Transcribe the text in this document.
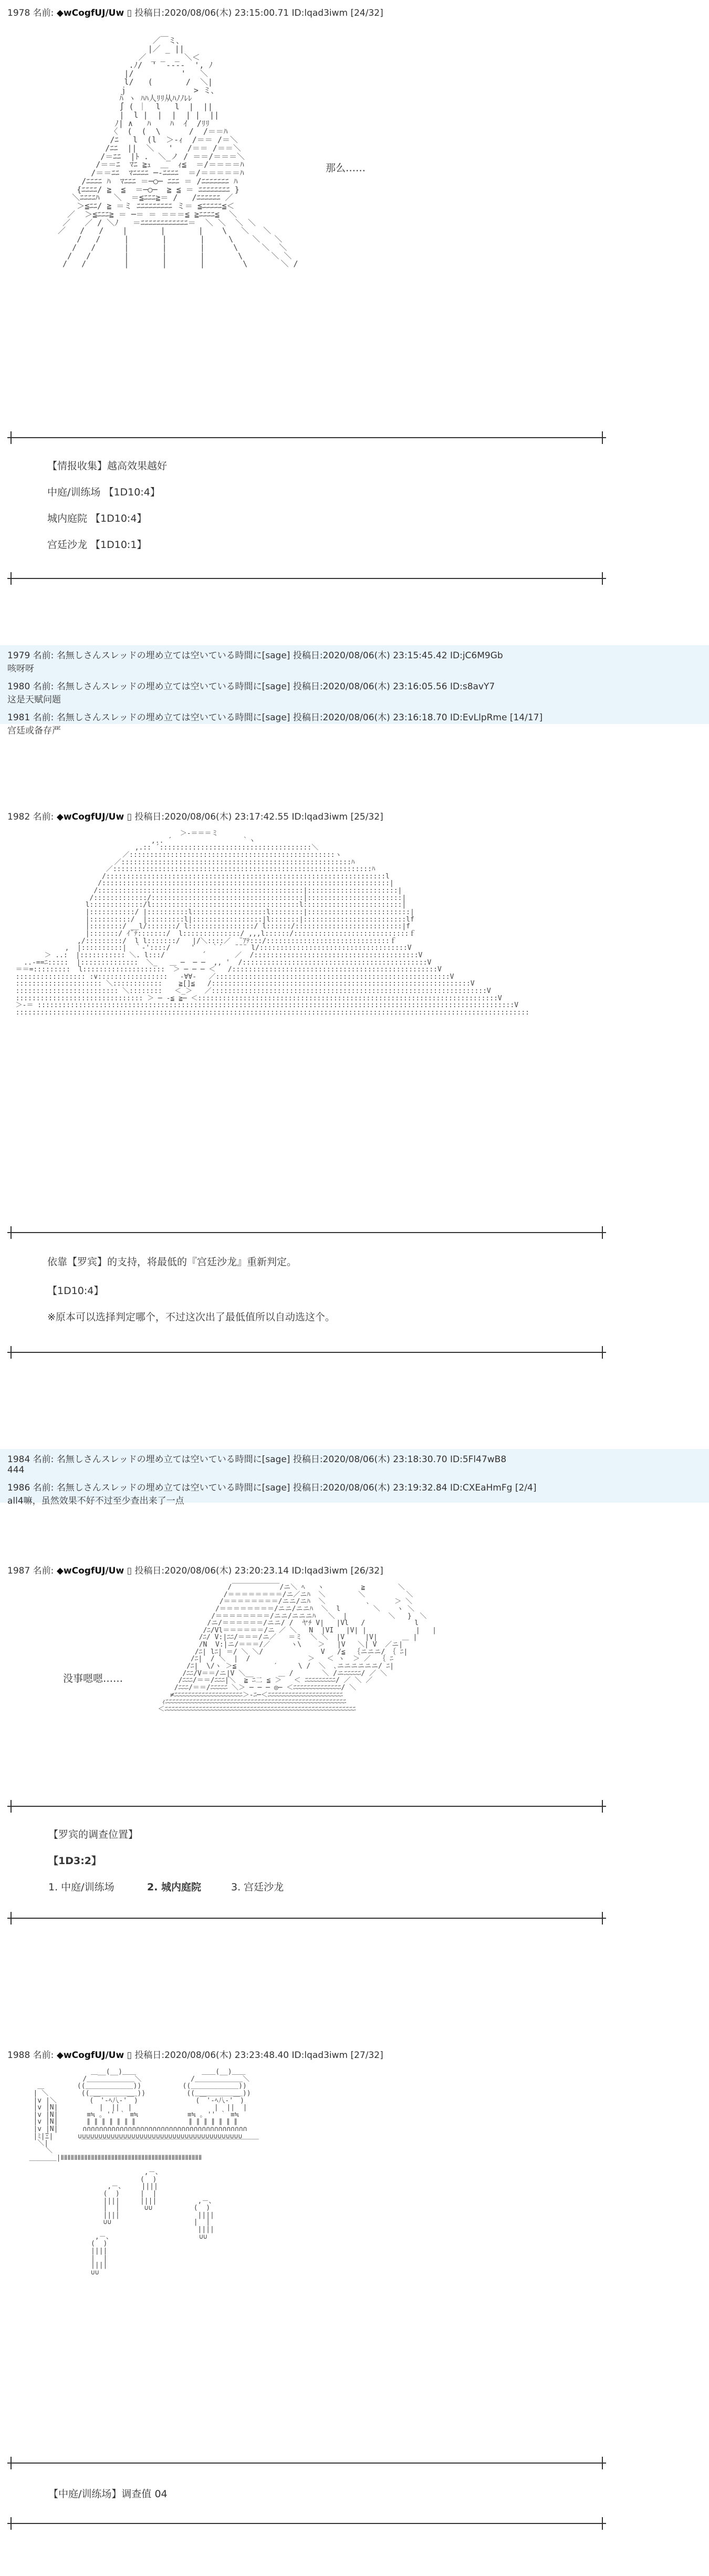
1978 名前: ◆wCogfUJ/Uw ▯ 投稿日:2020/08/06(木) 23:15:00.71 ID:lqad3iwm [24/32]
／￣ミ、
|／ _ ||
／ _ _  _ ＼＜
.ﾉ/  '  ‐-‐-  ', ﾉ
|/          '   ＼
l/   (       /  ＼|
ｊ              > ミ、
ﾊ ヽ ﾊﾊ人ﾘﾘ从ﾊﾉﾉﾚﾚ
∫ ( ｜  l   l  |  ||
|  l |  |  |  | |  ||
ﾉ| ∧   ﾊ    ﾊ  ｲ  /ﾘﾘ
〈  (  (  \      /  /＝＝ﾊ
/ﾆ   l  (l  ＞-ｨ  /＝＝ /＝＼
/ﾆﾆ  ||  ＼   '   /＝＝ /＝＝＼
/＝ﾆﾆ  |ﾄ .  ＼_ノ / ＝＝/＝＝＝＼
/＝＝ﾆ  ﾏﾆ ≧ｭ  ＿  ｨ≦  ＝/＝＝＝＝ﾊ
/＝＝ﾆﾆ  ﾏﾆﾆﾆﾆ ─‐ﾆﾆﾆﾆ  ＝/＝＝＝＝＝ﾊ
/ﾆﾆﾆﾆ ﾊ  ﾏﾆﾆﾆ ＝─○─ ﾆﾆﾆ ＝ /ﾆﾆﾆﾆﾆﾆﾆ ﾊ
{ﾆﾆﾆﾆ/ ≧  ≦  ＝─○─  ≧ ≦ ＝ ﾆﾆﾆﾆﾆﾆﾆﾆ }
＼ﾆﾆﾆﾆﾊ   ＼  ＝≦ﾆﾆﾆ≧＝ /   /ﾆﾆﾆﾆﾆﾆ ／
＞≦ﾆﾆ/ ≧ ＝ミ ﾆﾆﾆﾆﾆﾆﾆﾆﾆ ミ＝ ≦ﾆﾆﾆﾆﾆ≦＜
／  ＞≦ﾆﾆﾆ≧ ＝ ─＝ ＝ ＝＝＝≦ ≧ﾆﾆﾆﾆ≦  ＼
／   ／ / ＼ﾉ   ＝ﾆﾆﾆﾆﾆﾆﾆﾆﾆﾆﾆﾆ＝  ＼ ＼  ＼ ＼
／   /   /    |       |       |    \   ＼   ＼
/   /     |       |       |     \    ＼   ＼
/   /      |       |       |      \     ＼  ＼
/   /       |       |       |       \      ＼ ＼
/   /        |       |       |        \       ＼ /

那么……
【情报收集】越高效果越好
中庭/训练场 【1D10:4】
城内庭院 【1D10:4】
宫廷沙龙 【1D10:1】
1979 名前: 名無しさんスレッドの埋め立ては空いている時間に[sage] 投稿日:2020/08/06(木) 23:15:45.42 ID:jC6M9Gb
咳呀呀
1980 名前: 名無しさんスレッドの埋め立ては空いている時間に[sage] 投稿日:2020/08/06(木) 23:16:05.56 ID:s8avY7
这是天赋问题
1981 名前: 名無しさんスレッドの埋め立ては空いている時間に[sage] 投稿日:2020/08/06(木) 23:16:18.70 ID:EvLlpRme [14/17]
宫廷或备存严
1982 名前: ◆wCogfUJ/Uw ▯ 投稿日:2020/08/06(木) 23:17:42.55 ID:lqad3iwm [25/32]
＞-＝＝＝ミ
,.. ´                 ｀ヽ
,.:: ´:::::::::::::::::::::::::::::::::::::＼
／::::::::::::::::::::::::::::::::::::::::::::::::::ヽ
／::::::::::::::::::::::::::::::::::::::::::::::::::::::::ﾊ
／:::::::::::::::::::::::::::::::::::::::::::::::::::::::::::::::ﾊ
/::::::::::::::::::::::::::::::::::::::::::::::::::::::::::::::::::::l
/::::::::::::::::::::::::::::::::::::::::::::::::::::::::::::::::::::::|
/::::::::::::::::::::::::::::::::::::::::::::::::::|::::::::::::::::::::::|
/:::::::::::::/:::::::::::::::::::::::::::::::::::::|:::::::::::::::::::::::|
l:::::::::::::/l::::::::::::::::::::::::::::::::::::l::::::::::::::::::::::::|
|:::::::::::/ |::::::::::l::::::::::::::::::l::::::::|:::::::::::::::::::::::::|
|::::::::::/  |:::::::::l|:::::::::::::::::|l:::::::|:::::::::::::::::::::::::lf
|::::::::/ __l/:::::::/ l::::::::::::::::/ l::::::/::::::::::::::::::::::::::|f
|:::::::/ ｲ¨ﾃ:::::::/  l::::::::::::::/ ,,,l::::::/::::::::::::::::::::::::::::ｆ
,/:::::::::/  l l:::::::/   |/＼::::／  ¨ｱﾃ:::/::::::::::::::::::::::::::::::ｆ
,  |::::::::::|  ｀-'::::/     '    ｀´   ¨¨¨ l/::::::::::::::::::::::::::::::::::::V
＞ ..:  |::::::::::: ＼. l:::/         ´       ／  /::::::::::::::::::::::::::::::::::::::::V
..-==ﾆ:::::  |::::::::::::::  ＼_   ＿ ─  ─ ─  ,, '  /:::::::::::::::::::::::::::::::::::::::::::::V
＝＝=:::::::::  l::::::::::::::::::::  ＞ ─ ─ ─ ＜   /::::::::::::::::::::::::::::::::::::::::::::::::::V
::::::::::::::::: :∨:::::::::::::::::   ‐∀∀‐   ／:::::::::::::::::::::::::::::::::::::::::::::::::::::::::V
::::::::::::::::::::: ＼::::::::::::    ≧[]≦   /:::::::::::::::::::::::::::::::::::::::::::::::::::::::::::::::V
::::::::::::::::::::::::: ＼::::::::   ＜_＞   ／:::::::::::::::::::::::::::::::::::::::::::::::::::::::::::::::::::V
::::::::::::::::::::::::::::::: ＞ ─ ‐≦ ≧─ ＜:::::::::::::::::::::::::::::::::::::::::::::::::::::::::::::::::::::::::V
＞-＝ ::::::::::::::::::::::::::::::::::::::::::::::::::::::::::::::::::::::::::::::::::::::::::::::::::::::::::::::::::::V
:::::::::::::::::::::::::::::::::::::::::::::::::::::::::::::::::::::::::::::::::::::::::::::::::::::::::::::::::::::::::::::

依靠【罗宾】的支持，将最低的『宫廷沙龙』重新判定。
【1D10:4】
※原本可以选择判定哪个，不过这次出了最低值所以自动选这个。
1984 名前: 名無しさんスレッドの埋め立ては空いている時間に[sage] 投稿日:2020/08/06(木) 23:18:30.70 ID:5Fl47wB8
444
1986 名前: 名無しさんスレッドの埋め立ては空いている時間に[sage] 投稿日:2020/08/06(木) 23:19:32.84 ID:CXEaHmFg [2/4]
all4嘛，虽然效果不好不过至少查出来了一点
1987 名前: ◆wCogfUJ/Uw ▯ 投稿日:2020/08/06(木) 23:20:23.14 ID:lqad3iwm [26/32]
/￣￣￣￣￣￣￣/ニ＼ ﾍ   ヽ         ≧        ＼
/＝＝＝＝＝＝＝＝/ニ／ニﾊ  ＼        ＼          ＼
/＝＝＝＝＝＝＝＝/ニニ/ニﾊ  ＼          ､      ＞ ＼
/＝＝＝＝＝＝＝＝/ニニ/ニニﾊ  ＼  l        ＼    ヽ ＼
/＝＝＝＝＝＝＝＝/ニニ/ニニニﾊ   ＼  |          ＼   }  ＼
/ニ/＝＝＝＝＝＝/ニニ/ /  ヤﾁ V|   |Vl   /            l
/ﾆ/Vl＝＝＝＝＝＝/ニ ／ ＼   N  |VI   |V| |            |   |
/ﾆ/ V:|ﾆﾆ/＝＝＝/ニ／   ＝ミ  ＼ ＼  |V     |V|      ＿ |
/N  V:|ニ/＝＝＝/／     ヽ\    ＞   |V   ＼| V  ／ニ|
/ﾆ| lﾆ| ＝/ ＼ ＼/              V   /≦  ｛ニニニ/ ｛ ﾆ|
/ﾆ|  / ＼  |  /              ＞   ＜ ヽ  ＞ ／  ｛ ﾆ
/ﾆ|  \/ヽ ＞≦         ′     \ /  ＼  ､ニニニニニニ/ ﾆ|
/ﾆﾆ/V＝＝/ニ|V ＼__      ＿ /       ＼ /ニﾆﾆﾆﾆﾆ/ ／ ＼
/ﾆﾆﾆ/＝＝/ﾆﾆﾆ|＼  ≧ ﾆ二 ≦ ＞   ＜ ﾆﾆﾆﾆﾆﾆﾆﾆﾆ/ ／ ＼ ／
/ﾆﾆﾆ/＝＝/ﾆﾆﾆﾆﾆ ＼＞ ─ ─ ─ ◎─ ＜ﾆﾆﾆﾆﾆﾆﾆﾆﾆﾆﾆﾆﾆﾆ/ ＼
≠ﾆﾆﾆﾆﾆﾆﾆﾆﾆﾆﾆﾆﾆﾆﾆﾆﾆﾆﾆﾆ＞‐ﾆ─＜ﾆﾆﾆﾆﾆﾆﾆﾆﾆﾆﾆﾆﾆﾆﾆﾆﾆﾆﾆﾆﾆﾆ
ｨﾆﾆﾆﾆﾆﾆﾆﾆﾆﾆﾆﾆﾆﾆﾆﾆﾆﾆﾆﾆﾆﾆﾆﾆﾆﾆﾆﾆﾆﾆﾆﾆﾆﾆﾆﾆﾆﾆﾆﾆﾆﾆﾆﾆﾆﾆﾆﾆﾆﾆﾆﾆﾆ
＜ﾆﾆﾆﾆﾆﾆﾆﾆﾆﾆﾆﾆﾆﾆﾆﾆﾆﾆﾆﾆﾆﾆﾆﾆﾆﾆﾆﾆﾆﾆﾆﾆﾆﾆﾆﾆﾆﾆﾆﾆﾆﾆﾆﾆﾆﾆﾆﾆﾆﾆﾆﾆﾆﾆﾆﾆ

没事嗯嗯……
【罗宾的调查位置】
【1D3:2】
1. 中庭/训练场	2. 城内庭院	3. 宫廷沙龙
1988 名前: ◆wCogfUJ/Uw ▯ 投稿日:2020/08/06(木) 23:23:48.40 ID:lqad3iwm [27/32]
＿__(__)＿＿                ＿＿(__)＿＿
/＿＿＿＿＿＿＿＼            /＿＿＿＿＿＿＿＼
＿        ((＿＿＿＿＿＿＿))          ((＿＿＿＿＿＿＿))
| ＼        ((＿＿＿＿＿＿＿))          ((＿＿＿＿＿＿＿))
|v |＼        (￣'-ﾍ八-'￣)              (￣'-ﾍ八-'￣)
|v |N|          |  ||  |                    |  ||  |
|v |N|       ≡≒ ｡ '' ｀ ≡≒            ≡≒ ｡ '' ｀ ≡≒
|v |N|       ∥ ∥ ∥ ∥ ∥ ∥ ∥             ∥ ∥ ∥ ∥ ∥ ∥ ∥
|v |N|      ∩∩∩∩∩∩∩∩∩∩∩∩∩∩∩∩∩∩∩∩∩∩∩∩∩∩∩∩∩∩∩∩∩∩∩∩∩∩∩∩
|ﾐ|Ξ|      ∪∪∪∪∪∪∪∪∪∪∪∪∪∪∪∪∪∪∪∪∪∪∪∪∪∪∪∪∪∪∪∪∪∪∪∪∪∪∪∪
＼|        ￣￣￣￣￣￣￣￣￣￣￣￣￣￣￣￣￣￣￣￣￣￣￣￣￣￣
＼
＿＿＿＿|ⅡⅡⅡⅡⅡⅡⅡⅡⅡⅡⅡⅡⅡⅡⅡⅡⅡⅡⅡⅡⅡⅡⅡⅡⅡⅡⅡⅡⅡⅡⅡⅡⅡⅡⅡⅡⅡⅡⅡⅡⅡⅡ

,－、
(  )
,－、    ||||
(  )     |  |
||||     ||||          ,－、
|  |      ∪∪          (  )
||||                   ||||
∪∪                    |  |
||||
,－、                     ∪∪
(  )
||||
|  |
||||
∪∪

【中庭/训练场】调查值 04
